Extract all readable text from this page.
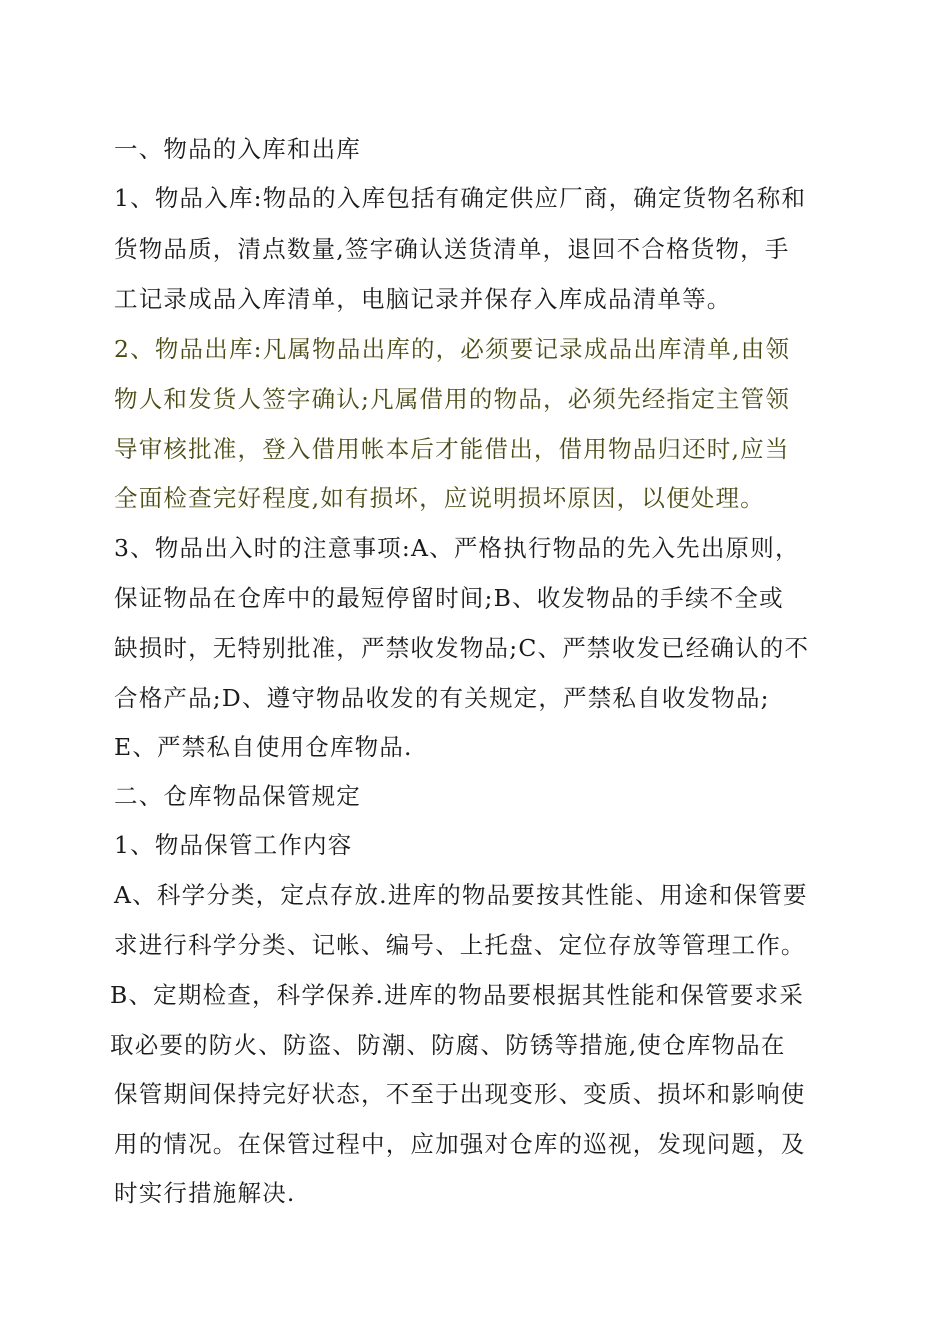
一、物品的入库和出库
1、物品入库:物品的入库包括有确定供应厂商，确定货物名称和
货物品质，清点数量,签字确认送货清单，退回不合格货物，手
工记录成品入库清单，电脑记录并保存入库成品清单等。
2、物品出库:凡属物品出库的，必须要记录成品出库清单,由领
物人和发货人签字确认;凡属借用的物品，必须先经指定主管领
导审核批准，登入借用帐本后才能借出，借用物品归还时,应当
全面检查完好程度,如有损坏，应说明损坏原因，以便处理。
3、物品出入时的注意事项:A、严格执行物品的先入先出原则，
保证物品在仓库中的最短停留时间;B、收发物品的手续不全或
缺损时，无特别批准，严禁收发物品;C、严禁收发已经确认的不
合格产品;D、遵守物品收发的有关规定，严禁私自收发物品;
E、严禁私自使用仓库物品.
二、仓库物品保管规定
1、物品保管工作内容
A、科学分类，定点存放.进库的物品要按其性能、用途和保管要
求进行科学分类、记帐、编号、上托盘、定位存放等管理工作。
B、定期检查，科学保养.进库的物品要根据其性能和保管要求采
取必要的防火、防盗、防潮、防腐、防锈等措施,使仓库物品在
保管期间保持完好状态，不至于出现变形、变质、损坏和影响使
用的情况。在保管过程中，应加强对仓库的巡视，发现问题，及
时实行措施解决.
